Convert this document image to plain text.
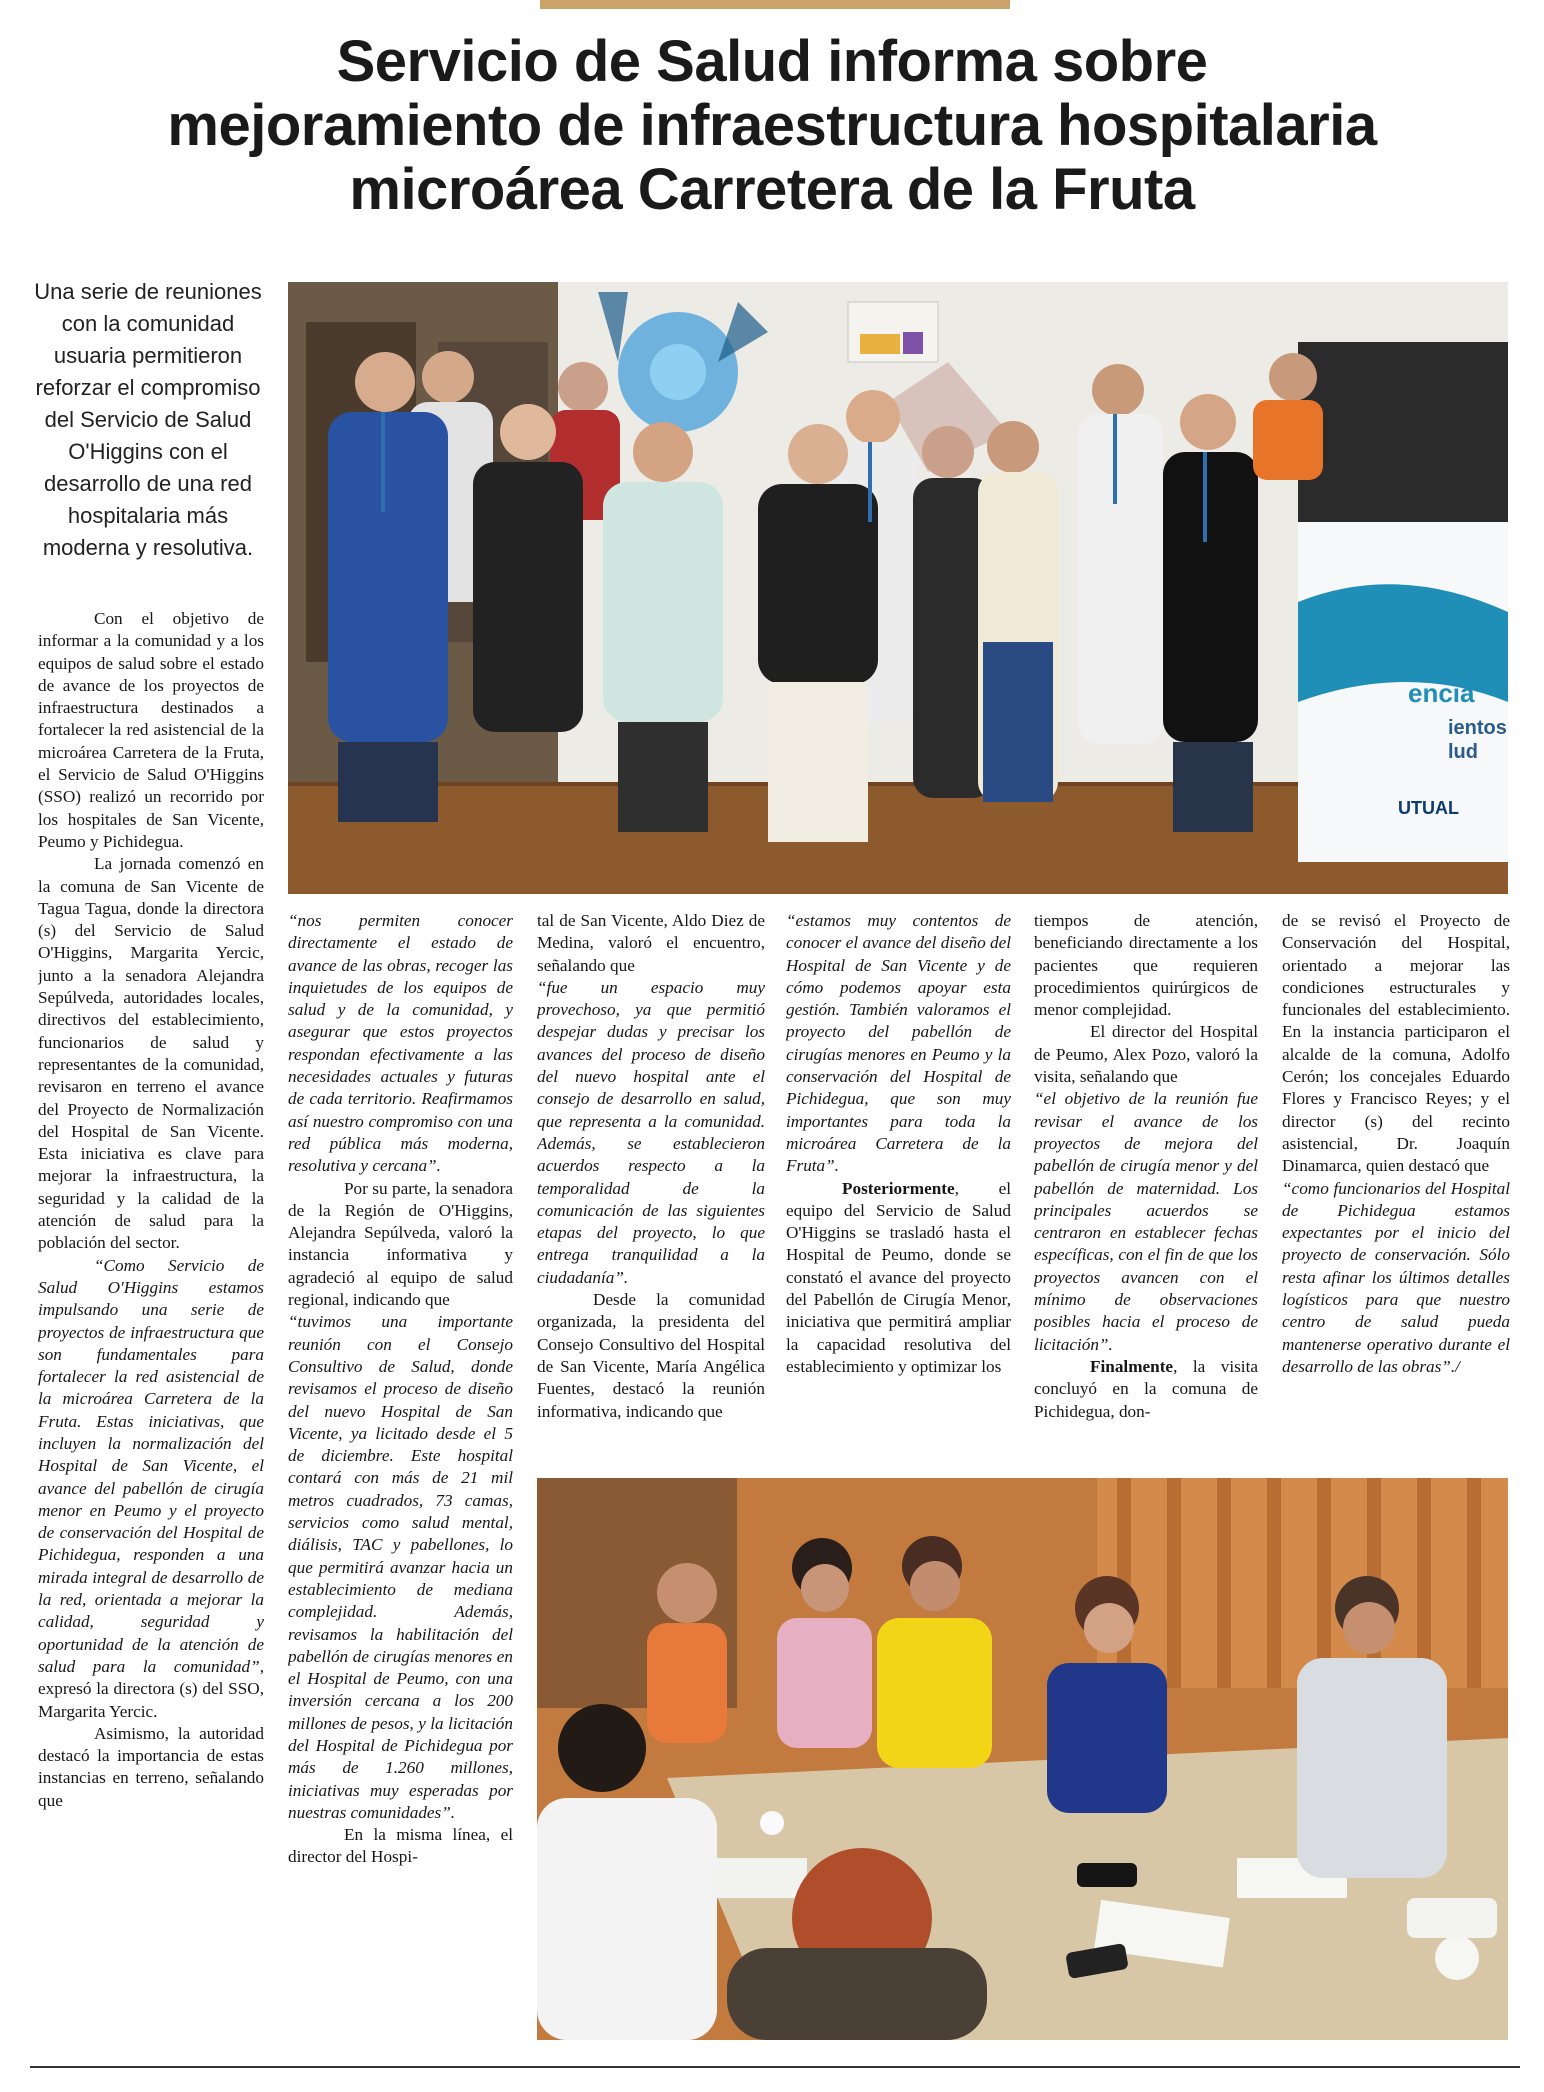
Servicio de Salud informa sobre
mejoramiento de infraestructura hospitalaria
microárea Carretera de la Fruta

Una serie de reuniones con la comunidad usuaria permitieron reforzar el compromiso del Servicio de Salud O'Higgins con el desarrollo de una red hospitalaria más moderna y resolutiva.

encia
ientos
lud
UTUAL

Con el objetivo de informar a la comunidad y a los equipos de salud sobre el estado de avance de los proyectos de infraestructura destinados a fortalecer la red asistencial de la microárea Carretera de la Fruta, el Servicio de Salud O'Higgins (SSO) realizó un recorrido por los hospitales de San Vicente, Peumo y Pichidegua.

La jornada comenzó en la comuna de San Vicente de Tagua Tagua, donde la directora (s) del Servicio de Salud O'Higgins, Margarita Yercic, junto a la senadora Alejandra Sepúlveda, autoridades locales, directivos del establecimiento, funcionarios de salud y representantes de la comunidad, revisaron en terreno el avance del Proyecto de Normalización del Hospital de San Vicente. Esta iniciativa es clave para mejorar la infraestructura, la seguridad y la calidad de la atención de salud para la población del sector.

“Como Servicio de Salud O'Higgins estamos impulsando una serie de proyectos de infraestructura que son fundamentales para fortalecer la red asistencial de la microárea Carretera de la Fruta. Estas iniciativas, que incluyen la normalización del Hospital de San Vicente, el avance del pabellón de cirugía menor en Peumo y el proyecto de conservación del Hospital de Pichidegua, responden a una mirada integral de desarrollo de la red, orientada a mejorar la calidad, seguridad y oportunidad de la atención de salud para la comunidad”, expresó la directora (s) del SSO, Margarita Yercic.

Asimismo, la autoridad destacó la importancia de estas instancias en terreno, señalando que

“nos permiten conocer directamente el estado de avance de las obras, recoger las inquietudes de los equipos de salud y de la comunidad, y asegurar que estos proyectos respondan efectivamente a las necesidades actuales y futuras de cada territorio. Reafirmamos así nuestro compromiso con una red pública más moderna, resolutiva y cercana”.

Por su parte, la senadora de la Región de O'Higgins, Alejandra Sepúlveda, valoró la instancia informativa y agradeció al equipo de salud regional, indicando que

“tuvimos una importante reunión con el Consejo Consultivo de Salud, donde revisamos el proceso de diseño del nuevo Hospital de San Vicente, ya licitado desde el 5 de diciembre. Este hospital contará con más de 21 mil metros cuadrados, 73 camas, servicios como salud mental, diálisis, TAC y pabellones, lo que permitirá avanzar hacia un establecimiento de mediana complejidad. Además, revisamos la habilitación del pabellón de cirugías menores en el Hospital de Peumo, con una inversión cercana a los 200 millones de pesos, y la licitación del Hospital de Pichidegua por más de 1.260 millones, iniciativas muy esperadas por nuestras comunidades”.

En la misma línea, el director del Hospi-

tal de San Vicente, Aldo Diez de Medina, valoró el encuentro, señalando que

“fue un espacio muy provechoso, ya que permitió despejar dudas y precisar los avances del proceso de diseño del nuevo hospital ante el consejo de desarrollo en salud, que representa a la comunidad. Además, se establecieron acuerdos respecto a la temporalidad de la comunicación de las siguientes etapas del proyecto, lo que entrega tranquilidad a la ciudadanía”.

Desde la comunidad organizada, la presidenta del Consejo Consultivo del Hospital de San Vicente, María Angélica Fuentes, destacó la reunión informativa, indicando que

“estamos muy contentos de conocer el avance del diseño del Hospital de San Vicente y de cómo podemos apoyar esta gestión. También valoramos el proyecto del pabellón de cirugías menores en Peumo y la conservación del Hospital de Pichidegua, que son muy importantes para toda la microárea Carretera de la Fruta”.

Posteriormente, el equipo del Servicio de Salud O'Higgins se trasladó hasta el Hospital de Peumo, donde se constató el avance del proyecto del Pabellón de Cirugía Menor, iniciativa que permitirá ampliar la capacidad resolutiva del establecimiento y optimizar los

tiempos de atención, beneficiando directamente a los pacientes que requieren procedimientos quirúrgicos de menor complejidad.

El director del Hospital de Peumo, Alex Pozo, valoró la visita, señalando que

“el objetivo de la reunión fue revisar el avance de los proyectos de mejora del pabellón de cirugía menor y del pabellón de maternidad. Los principales acuerdos se centraron en establecer fechas específicas, con el fin de que los proyectos avancen con el mínimo de observaciones posibles hacia el proceso de licitación”.

Finalmente, la visita concluyó en la comuna de Pichidegua, don-

de se revisó el Proyecto de Conservación del Hospital, orientado a mejorar las condiciones estructurales y funcionales del establecimiento. En la instancia participaron el alcalde de la comuna, Adolfo Cerón; los concejales Eduardo Flores y Francisco Reyes; y el director (s) del recinto asistencial, Dr. Joaquín Dinamarca, quien destacó que

“como funcionarios del Hospital de Pichidegua estamos expectantes por el inicio del proyecto de conservación. Sólo resta afinar los últimos detalles logísticos para que nuestro centro de salud pueda mantenerse operativo durante el desarrollo de las obras”./
